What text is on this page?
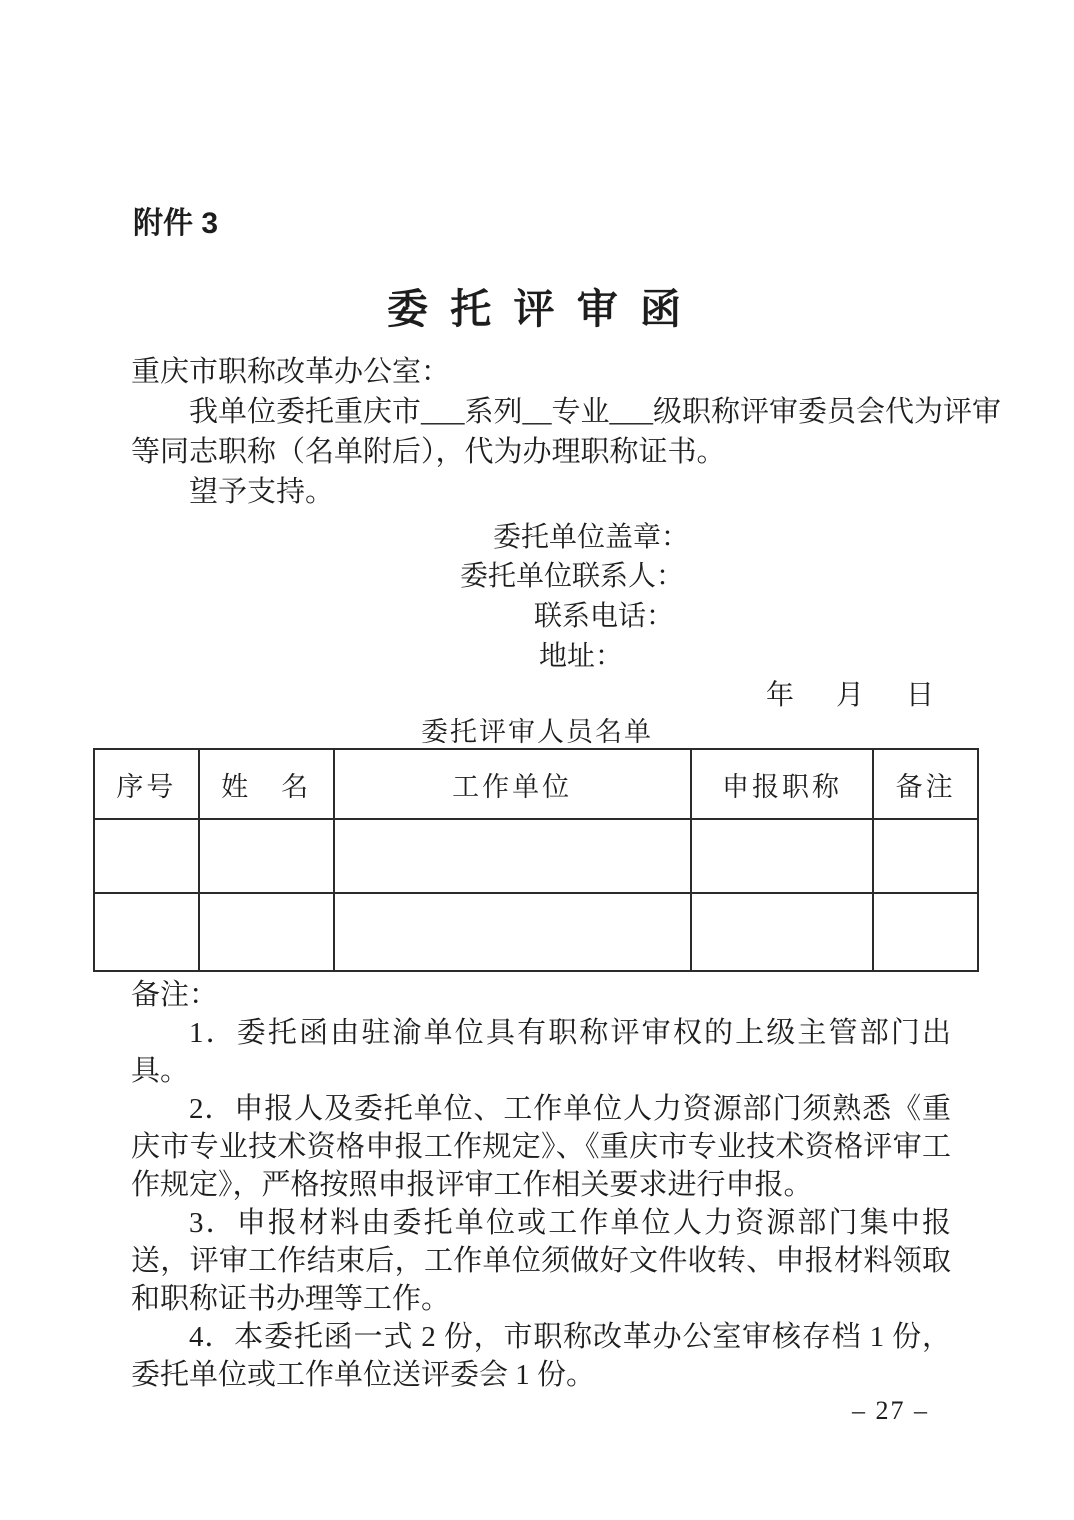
附件 3
委 托 评 审 函
重庆市职称改革办公室：
我单位委托重庆市___系列__专业___级职称评审委员会代为评审
等同志职称（名单附后），代为办理职称证书。
望予支持。
委托单位盖章：
委托单位联系人：
联系电话：
地址：
年      月      日
委托评审人员名单
序号	姓　名	工作单位	申报职称	备注

备注：

1．委托函由驻渝单位具有职称评审权的上级主管部门出具。

2．申报人及委托单位、工作单位人力资源部门须熟悉《重庆市专业技术资格申报工作规定》、《重庆市专业技术资格评审工作规定》，严格按照申报评审工作相关要求进行申报。

3．申报材料由委托单位或工作单位人力资源部门集中报送，评审工作结束后，工作单位须做好文件收转、申报材料领取和职称证书办理等工作。

4．本委托函一式 2 份，市职称改革办公室审核存档 1 份，委托单位或工作单位送评委会 1 份。

– 27 –
